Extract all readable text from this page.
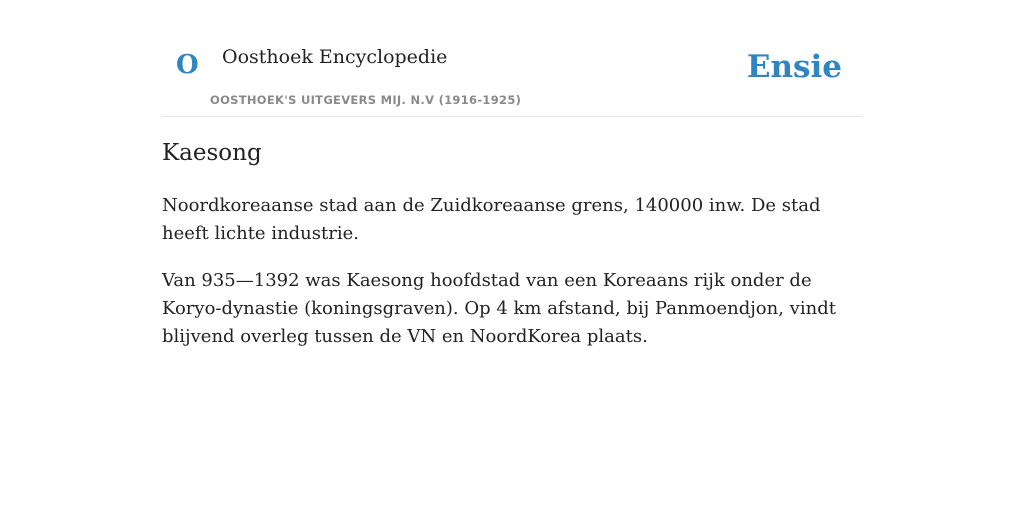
O Oosthoek Encyclopedie
OOSTHOEK'S UITGEVERS MIJ. N.V (1916-1925)
Ensie
Kaesong

Noordkoreaanse stad aan de Zuidkoreaanse grens, 140000 inw. De stad heeft lichte industrie.

Van 935—1392 was Kaesong hoofdstad van een Koreaans rijk onder de Koryo-dynastie (koningsgraven). Op 4 km afstand, bij Panmoendjon, vindt blijvend overleg tussen de VN en NoordKorea plaats.
